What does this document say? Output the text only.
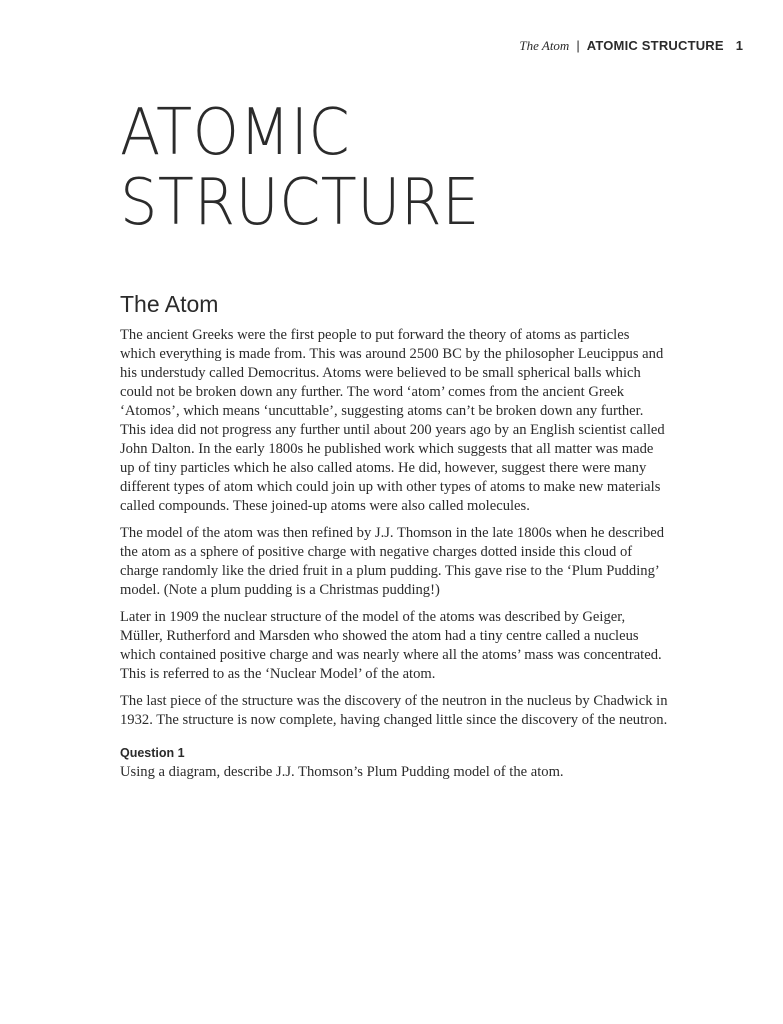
The Atom | ATOMIC STRUCTURE 1
ATOMIC
STRUCTURE
The Atom

The ancient Greeks were the first people to put forward the theory of atoms as particles which everything is made from. This was around 2500 BC by the philosopher Leucippus and his understudy called Democritus. Atoms were believed to be small spherical balls which could not be broken down any further. The word ‘atom’ comes from the ancient Greek ‘Atomos’, which means ‘uncuttable’, suggesting atoms can’t be broken down any further. This idea did not progress any further until about 200 years ago by an English scientist called John Dalton. In the early 1800s he published work which suggests that all matter was made up of tiny particles which he also called atoms. He did, however, suggest there were many different types of atom which could join up with other types of atoms to make new materials called compounds. These joined-up atoms were also called molecules.

The model of the atom was then refined by J.J. Thomson in the late 1800s when he described the atom as a sphere of positive charge with negative charges dotted inside this cloud of charge randomly like the dried fruit in a plum pudding. This gave rise to the ‘Plum Pudding’ model. (Note a plum pudding is a Christmas pudding!)

Later in 1909 the nuclear structure of the model of the atoms was described by Geiger, Müller, Rutherford and Marsden who showed the atom had a tiny centre called a nucleus which contained positive charge and was nearly where all the atoms’ mass was concentrated. This is referred to as the ‘Nuclear Model’ of the atom.

The last piece of the structure was the discovery of the neutron in the nucleus by Chadwick in 1932. The structure is now complete, having changed little since the discovery of the neutron.

Question 1

Using a diagram, describe J.J. Thomson’s Plum Pudding model of the atom.
